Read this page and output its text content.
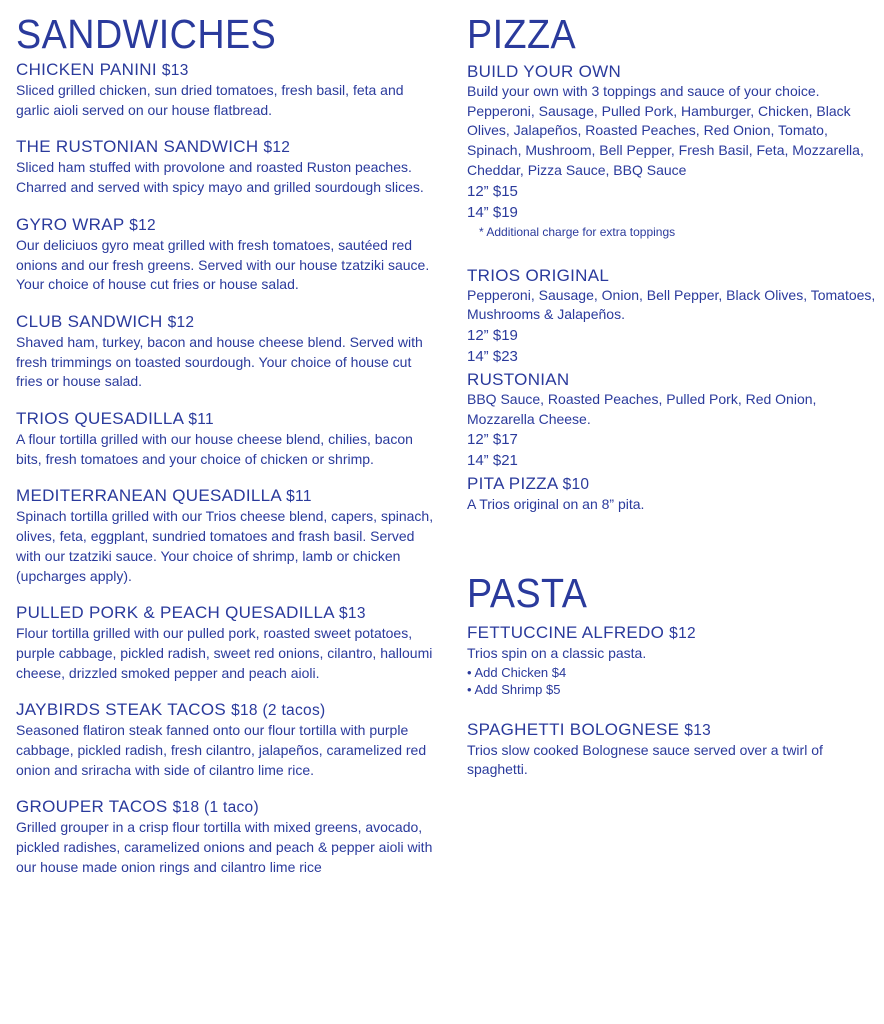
SANDWICHES
CHICKEN PANINI $13
Sliced grilled chicken, sun dried tomatoes, fresh basil, feta and garlic aioli served on our house flatbread.
THE RUSTONIAN SANDWICH $12
Sliced ham stuffed with provolone and roasted Ruston peaches. Charred and served with spicy mayo and grilled sourdough slices.
GYRO WRAP $12
Our deliciuos gyro meat grilled with fresh tomatoes, sautéed red onions and our fresh greens. Served with our house tzatziki sauce. Your choice of house cut fries or house salad.
CLUB SANDWICH $12
Shaved ham, turkey, bacon and house cheese blend. Served with fresh trimmings on toasted sourdough. Your choice of house cut fries or house salad.
TRIOS QUESADILLA $11
A flour tortilla grilled with our house cheese blend, chilies, bacon bits, fresh tomatoes and your choice of chicken or shrimp.
MEDITERRANEAN QUESADILLA $11
Spinach tortilla grilled with our Trios cheese blend, capers, spinach, olives, feta, eggplant, sundried tomatoes and frash basil. Served with our tzatziki sauce. Your choice of shrimp, lamb or chicken (upcharges apply).
PULLED PORK & PEACH QUESADILLA $13
Flour tortilla grilled with our pulled pork, roasted sweet potatoes, purple cabbage, pickled radish, sweet red onions, cilantro, halloumi cheese, drizzled smoked pepper and peach aioli.
JAYBIRDS STEAK TACOS $18 (2 tacos)
Seasoned flatiron steak fanned onto our flour tortilla with purple cabbage, pickled radish, fresh cilantro, jalapeños, caramelized red onion and sriracha with side of cilantro lime rice.
GROUPER TACOS $18 (1 taco)
Grilled grouper in a crisp flour tortilla with mixed greens, avocado, pickled radishes, caramelized onions and peach & pepper aioli with our house made onion rings and cilantro lime rice
PIZZA
BUILD YOUR OWN
Build your own with 3 toppings and sauce of your choice.
Pepperoni, Sausage, Pulled Pork, Hamburger, Chicken, Black Olives, Jalapeños, Roasted Peaches, Red Onion, Tomato, Spinach, Mushroom, Bell Pepper, Fresh Basil, Feta, Mozzarella, Cheddar, Pizza Sauce, BBQ Sauce
12” $15
14” $19
* Additional charge for extra toppings
TRIOS ORIGINAL
Pepperoni, Sausage, Onion, Bell Pepper, Black Olives, Tomatoes, Mushrooms & Jalapeños.
12” $19
14” $23
RUSTONIAN
BBQ Sauce, Roasted Peaches, Pulled Pork, Red Onion, Mozzarella Cheese.
12” $17
14” $21
PITA PIZZA $10
A Trios original on an 8” pita.
PASTA
FETTUCCINE ALFREDO $12
Trios spin on a classic pasta.
• Add Chicken $4
• Add Shrimp $5
SPAGHETTI BOLOGNESE $13
Trios slow cooked Bolognese sauce served over a twirl of spaghetti.
